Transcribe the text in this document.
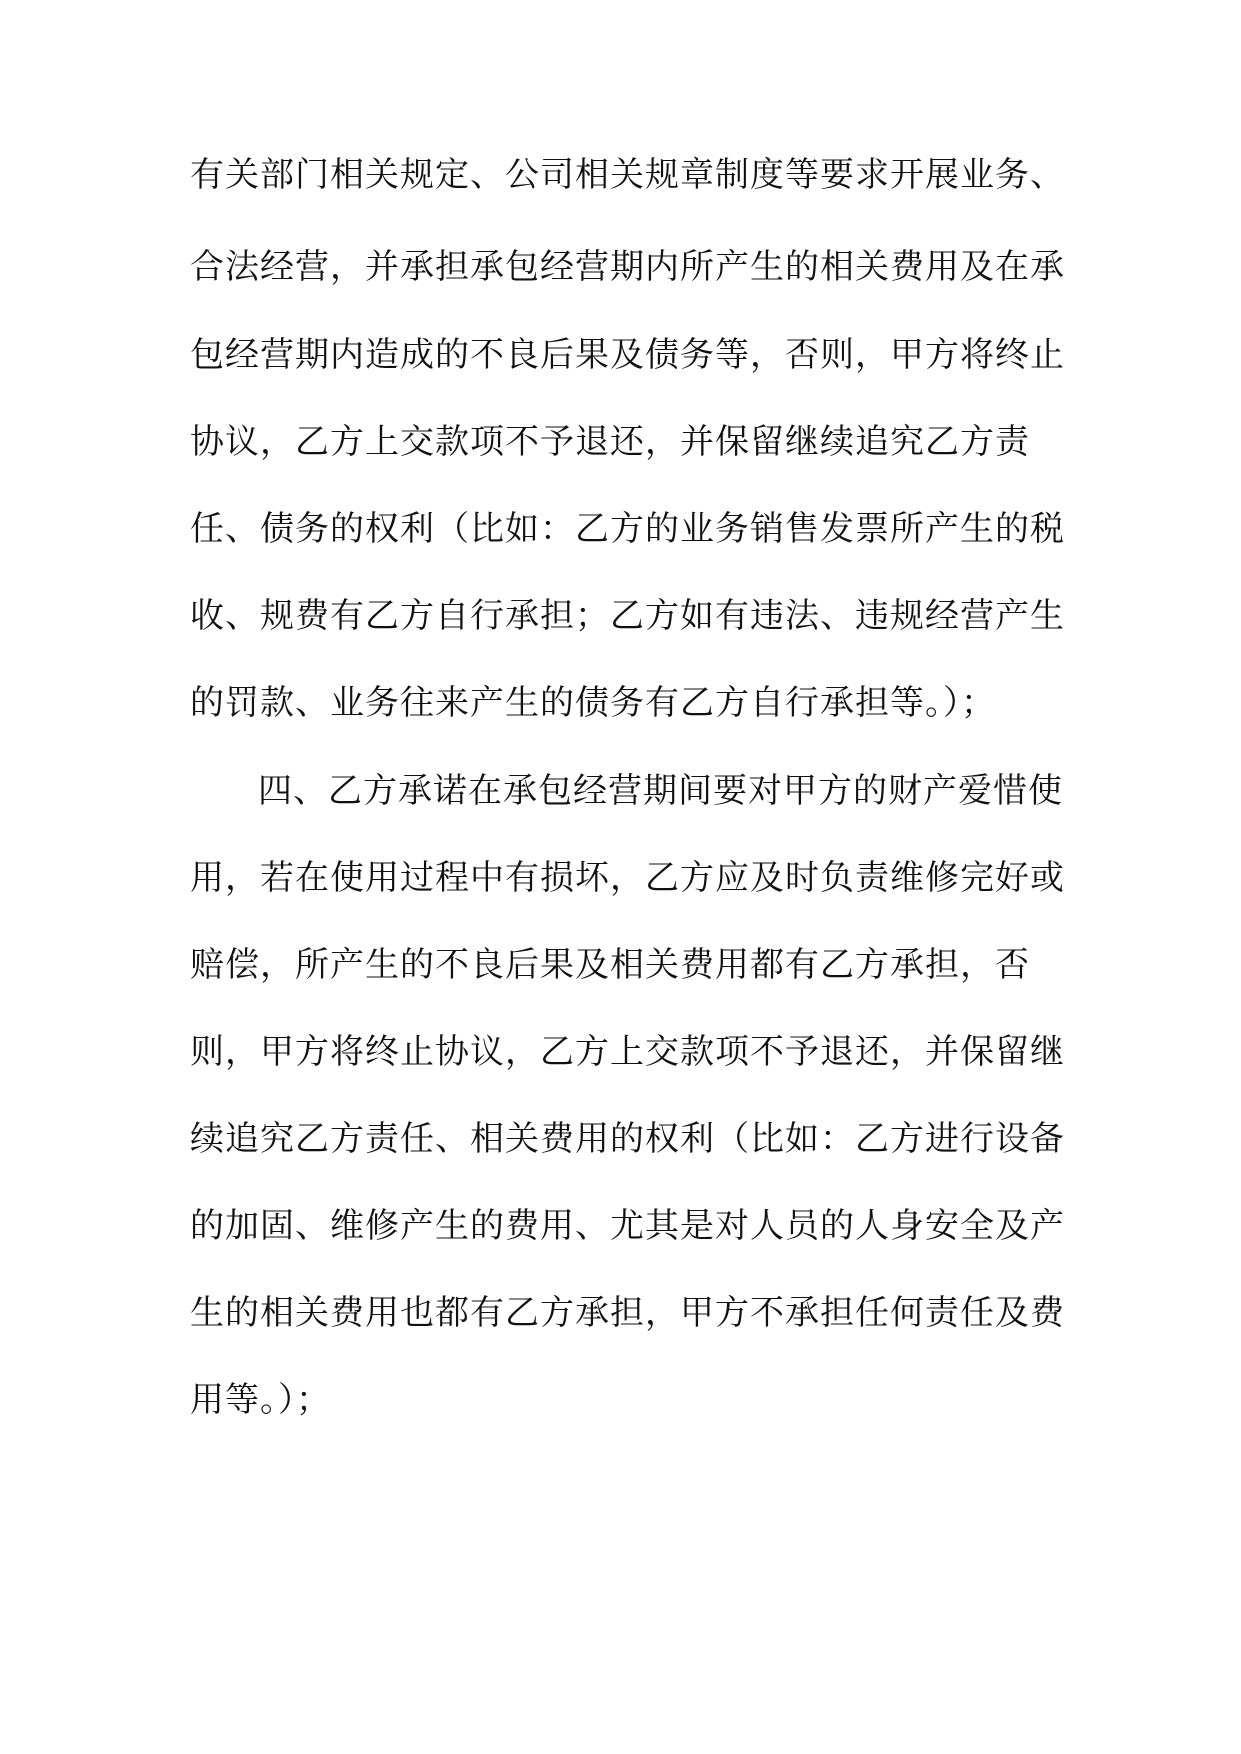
有关部门相关规定、公司相关规章制度等要求开展业务、
合法经营，并承担承包经营期内所产生的相关费用及在承
包经营期内造成的不良后果及债务等，否则，甲方将终止
协议，乙方上交款项不予退还，并保留继续追究乙方责
任、债务的权利（比如：乙方的业务销售发票所产生的税
收、规费有乙方自行承担；乙方如有违法、违规经营产生
的罚款、业务往来产生的债务有乙方自行承担等。）；
四、乙方承诺在承包经营期间要对甲方的财产爱惜使
用，若在使用过程中有损坏，乙方应及时负责维修完好或
赔偿，所产生的不良后果及相关费用都有乙方承担，否
则，甲方将终止协议，乙方上交款项不予退还，并保留继
续追究乙方责任、相关费用的权利（比如：乙方进行设备
的加固、维修产生的费用、尤其是对人员的人身安全及产
生的相关费用也都有乙方承担，甲方不承担任何责任及费
用等。）；
